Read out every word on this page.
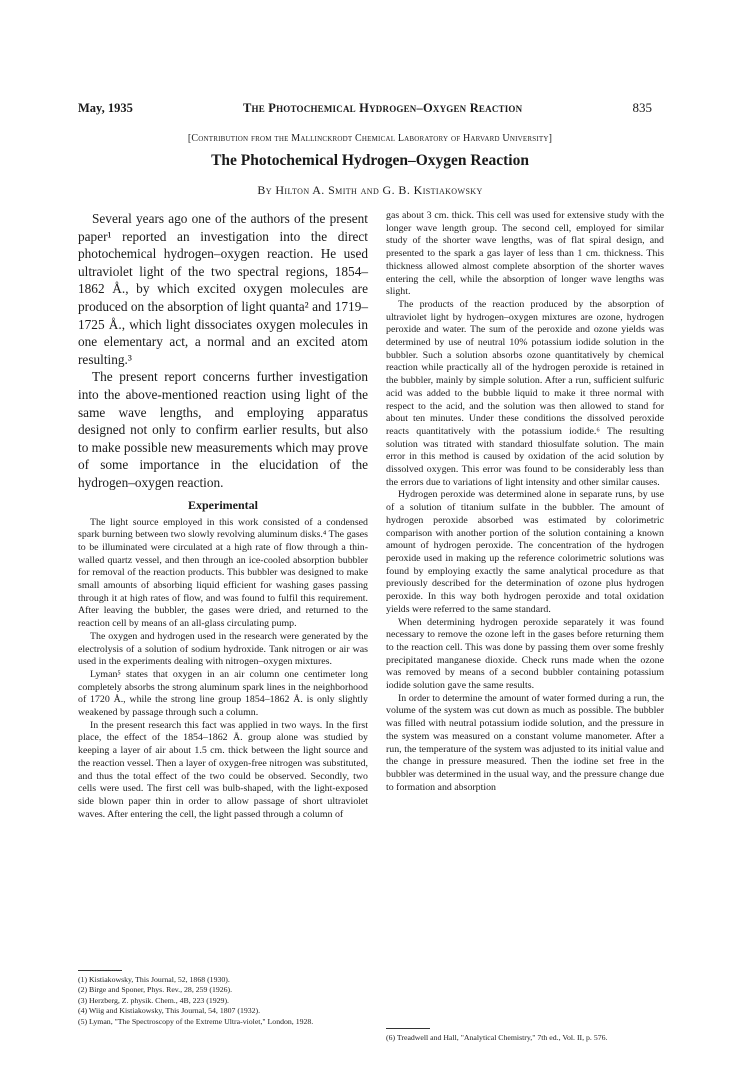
May, 1935	The Photochemical Hydrogen–Oxygen Reaction	835
[Contribution from the Mallinckrodt Chemical Laboratory of Harvard University]
The Photochemical Hydrogen–Oxygen Reaction
By Hilton A. Smith and G. B. Kistiakowsky

Several years ago one of the authors of the present paper¹ reported an investigation into the direct photochemical hydrogen–oxygen reaction. He used ultraviolet light of the two spectral regions, 1854–1862 Å., by which excited oxygen molecules are produced on the absorption of light quanta² and 1719–1725 Å., which light dissociates oxygen molecules in one elementary act, a normal and an excited atom resulting.³

The present report concerns further investigation into the above-mentioned reaction using light of the same wave lengths, and employing apparatus designed not only to confirm earlier results, but also to make possible new measurements which may prove of some importance in the elucidation of the hydrogen–oxygen reaction.

Experimental

The light source employed in this work consisted of a condensed spark burning between two slowly revolving aluminum disks.⁴ The gases to be illuminated were circulated at a high rate of flow through a thin-walled quartz vessel, and then through an ice-cooled absorption bubbler for removal of the reaction products. This bubbler was designed to make small amounts of absorbing liquid efficient for washing gases passing through it at high rates of flow, and was found to fulfil this requirement. After leaving the bubbler, the gases were dried, and returned to the reaction cell by means of an all-glass circulating pump.

The oxygen and hydrogen used in the research were generated by the electrolysis of a solution of sodium hydroxide. Tank nitrogen or air was used in the experiments dealing with nitrogen–oxygen mixtures.

Lyman⁵ states that oxygen in an air column one centimeter long completely absorbs the strong aluminum spark lines in the neighborhood of 1720 Å., while the strong line group 1854–1862 Å. is only slightly weakened by passage through such a column.

In the present research this fact was applied in two ways. In the first place, the effect of the 1854–1862 Å. group alone was studied by keeping a layer of air about 1.5 cm. thick between the light source and the reaction vessel. Then a layer of oxygen-free nitrogen was substituted, and thus the total effect of the two could be observed. Secondly, two cells were used. The first cell was bulb-shaped, with the light-exposed side blown paper thin in order to allow passage of short ultraviolet waves. After entering the cell, the light passed through a column of

(1) Kistiakowsky, This Journal, 52, 1868 (1930).

(2) Birge and Sponer, Phys. Rev., 28, 259 (1926).

(3) Herzberg, Z. physik. Chem., 4B, 223 (1929).

(4) Wiig and Kistiakowsky, This Journal, 54, 1807 (1932).

(5) Lyman, "The Spectroscopy of the Extreme Ultra-violet," London, 1928.

gas about 3 cm. thick. This cell was used for extensive study with the longer wave length group. The second cell, employed for similar study of the shorter wave lengths, was of flat spiral design, and presented to the spark a gas layer of less than 1 cm. thickness. This thickness allowed almost complete absorption of the shorter waves entering the cell, while the absorption of longer wave lengths was slight.

The products of the reaction produced by the absorption of ultraviolet light by hydrogen–oxygen mixtures are ozone, hydrogen peroxide and water. The sum of the peroxide and ozone yields was determined by use of neutral 10% potassium iodide solution in the bubbler. Such a solution absorbs ozone quantitatively by chemical reaction while practically all of the hydrogen peroxide is retained in the bubbler, mainly by simple solution. After a run, sufficient sulfuric acid was added to the bubble liquid to make it three normal with respect to the acid, and the solution was then allowed to stand for about ten minutes. Under these conditions the dissolved peroxide reacts quantitatively with the potassium iodide.⁶ The resulting solution was titrated with standard thiosulfate solution. The main error in this method is caused by oxidation of the acid solution by dissolved oxygen. This error was found to be considerably less than the errors due to variations of light intensity and other similar causes.

Hydrogen peroxide was determined alone in separate runs, by use of a solution of titanium sulfate in the bubbler. The amount of hydrogen peroxide absorbed was estimated by colorimetric comparison with another portion of the solution containing a known amount of hydrogen peroxide. The concentration of the hydrogen peroxide used in making up the reference colorimetric solutions was found by employing exactly the same analytical procedure as that previously described for the determination of ozone plus hydrogen peroxide. In this way both hydrogen peroxide and total oxidation yields were referred to the same standard.

When determining hydrogen peroxide separately it was found necessary to remove the ozone left in the gases before returning them to the reaction cell. This was done by passing them over some freshly precipitated manganese dioxide. Check runs made when the ozone was removed by means of a second bubbler containing potassium iodide solution gave the same results.

In order to determine the amount of water formed during a run, the volume of the system was cut down as much as possible. The bubbler was filled with neutral potassium iodide solution, and the pressure in the system was measured on a constant volume manometer. After a run, the temperature of the system was adjusted to its initial value and the change in pressure measured. Then the iodine set free in the bubbler was determined in the usual way, and the pressure change due to formation and absorption

(6) Treadwell and Hall, "Analytical Chemistry," 7th ed., Vol. II, p. 576.
